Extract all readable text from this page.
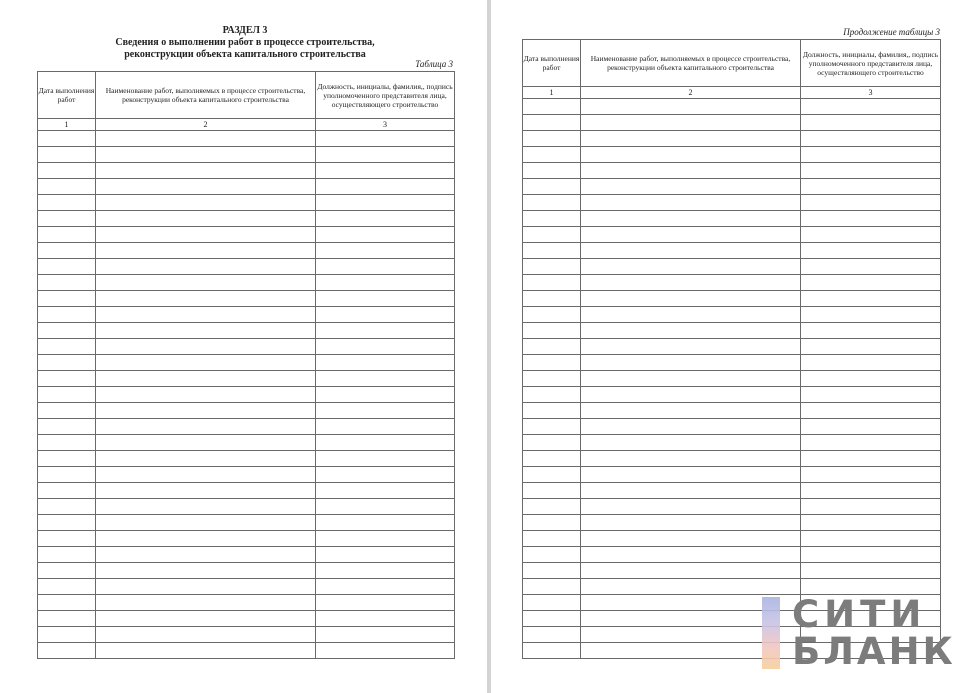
РАЗДЕЛ 3
Сведения о выполнении работ в процессе строительства,
реконструкции объекта капитального строительства
Таблица 3
Дата выполнения работ	Наименование работ, выполняемых в процессе строительства, реконструкции объекта капитального строительства	Должность, инициалы, фамилия,, подпись уполномоченного представителя лица, осуществляющего строительство
1	2	3

Продолжение таблицы 3
Дата выполнения работ	Наименование работ, выполняемых в процессе строительства, реконструкции объекта капитального строительства	Должность, инициалы, фамилия,, подпись уполномоченного представителя лица, осуществляющего строительство
1	2	3

СИТИ
БЛАНК
